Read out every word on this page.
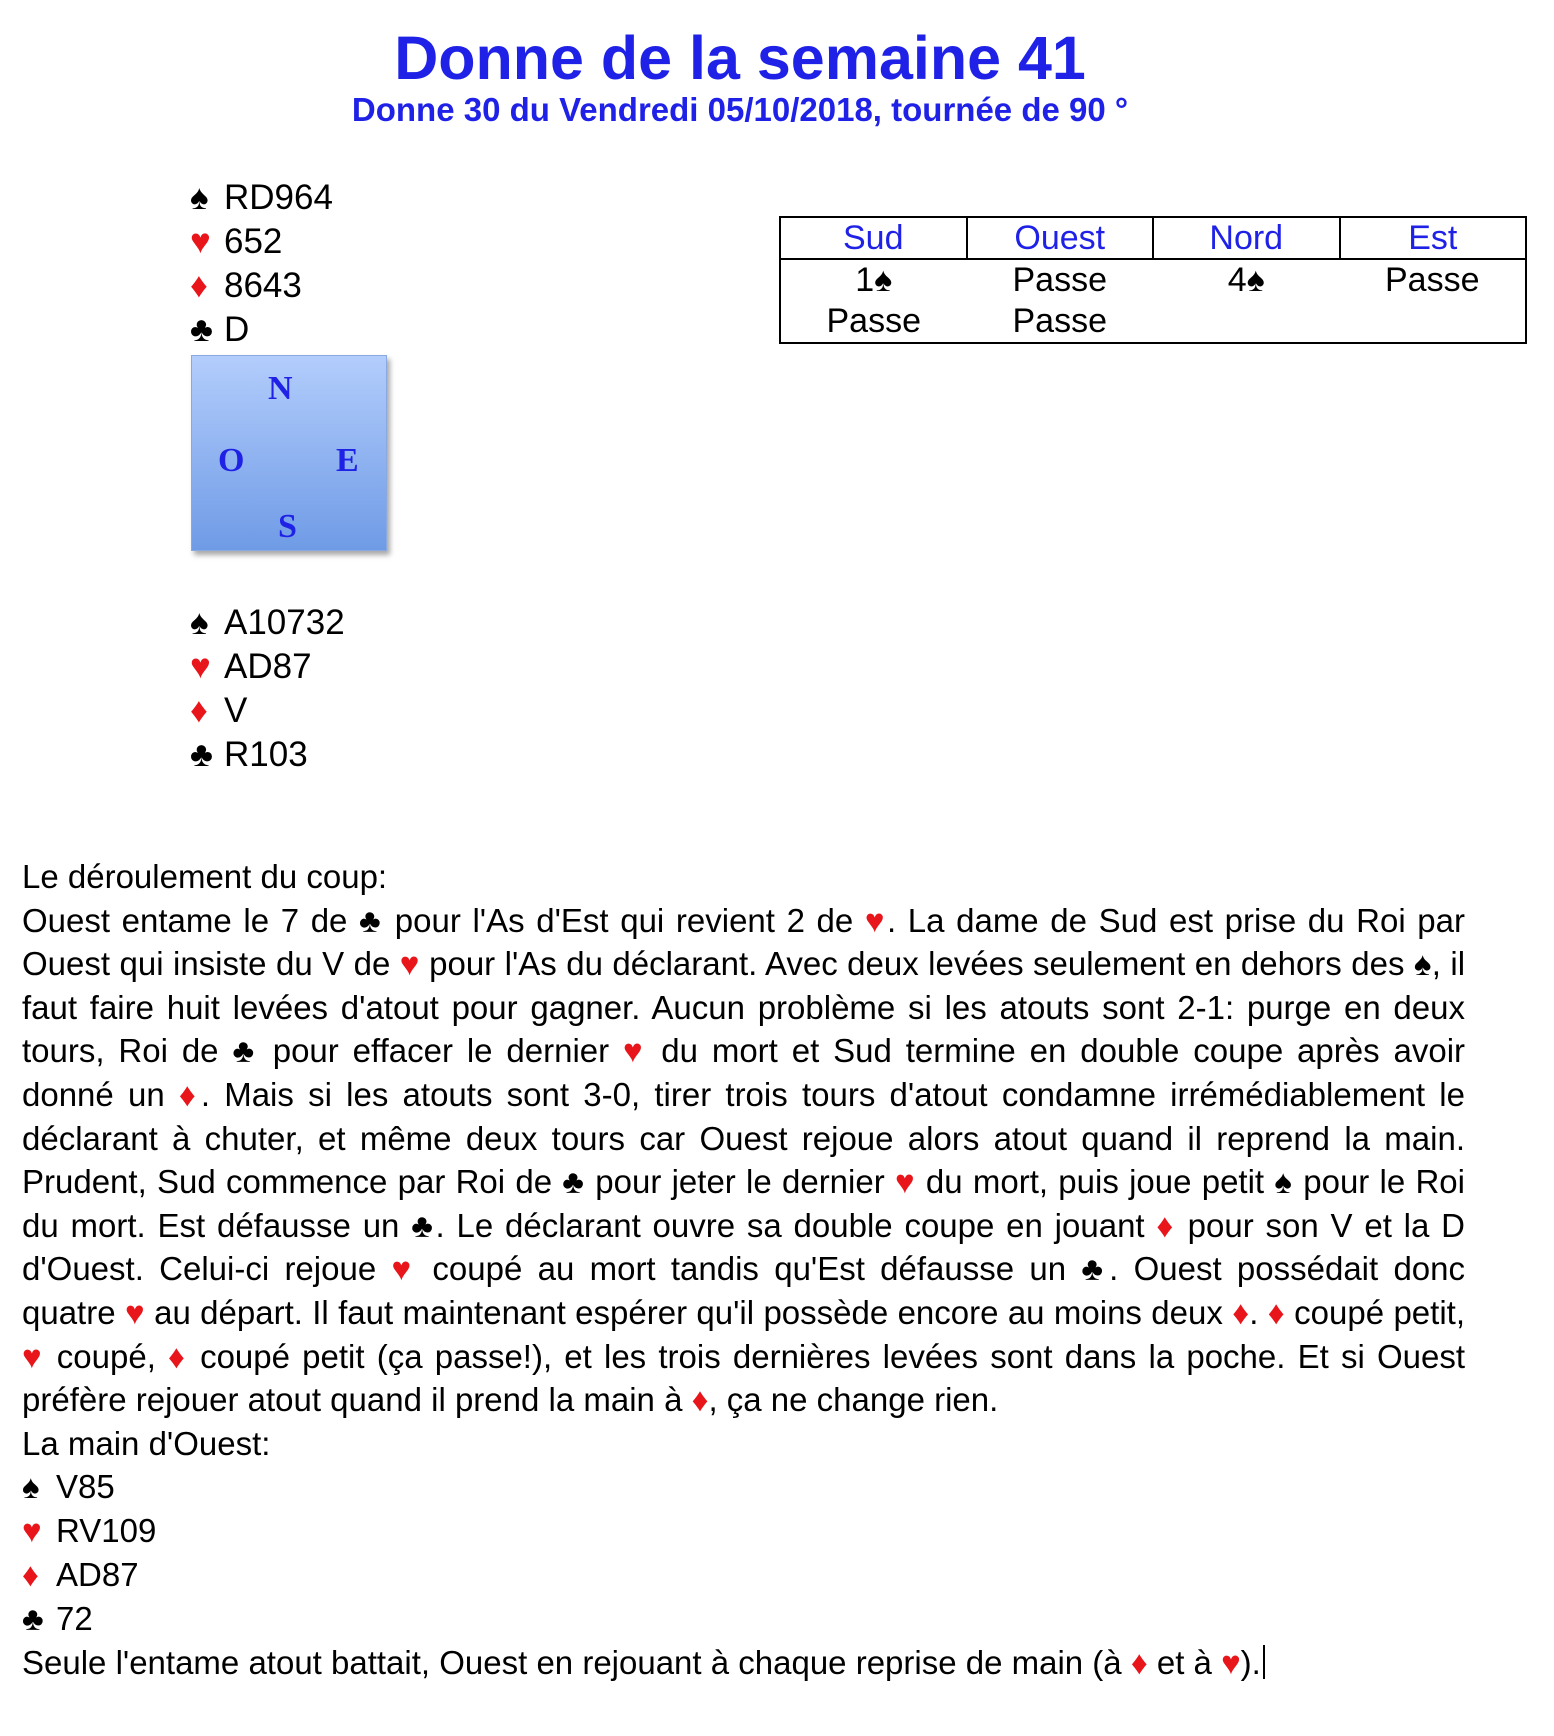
Donne de la semaine 41
Donne 30 du Vendredi 05/10/2018, tournée de 90 °
♠ RD964
♥ 652
♦ 8643
♣ D
N
O	E
S
♠ A10732
♥ AD87
♦ V
♣ R103
Sud	Ouest	Nord	Est
1♠	Passe	4♠	Passe
Passe	Passe		

Le déroulement du coup:

Ouest entame le 7 de ♣ pour l'As d'Est qui revient 2 de ♥. La dame de Sud est prise du Roi par Ouest qui insiste du V de ♥ pour l'As du déclarant. Avec deux levées seulement en dehors des ♠, il faut faire huit levées d'atout pour gagner. Aucun problème si les atouts sont 2-1: purge en deux tours, Roi de ♣ pour effacer le dernier ♥ du mort et Sud termine en double coupe après avoir donné un ♦. Mais si les atouts sont 3-0, tirer trois tours d'atout condamne irrémédiablement le déclarant à chuter, et même deux tours car Ouest rejoue alors atout quand il reprend la main. Prudent, Sud commence par Roi de ♣ pour jeter le dernier ♥ du mort, puis joue petit ♠ pour le Roi du mort. Est défausse un ♣. Le déclarant ouvre sa double coupe en jouant ♦ pour son V et la D d'Ouest. Celui-ci rejoue ♥ coupé au mort tandis qu'Est défausse un ♣. Ouest possédait donc quatre ♥ au départ. Il faut maintenant espérer qu'il possède encore au moins deux ♦. ♦ coupé petit, ♥ coupé, ♦ coupé petit (ça passe!), et les trois dernières levées sont dans la poche. Et si Ouest préfère rejouer atout quand il prend la main à ♦, ça ne change rien.

La main d'Ouest:

♠ V85
♥ RV109
♦ AD87
♣ 72

Seule l'entame atout battait, Ouest en rejouant à chaque reprise de main (à ♦ et à ♥).
